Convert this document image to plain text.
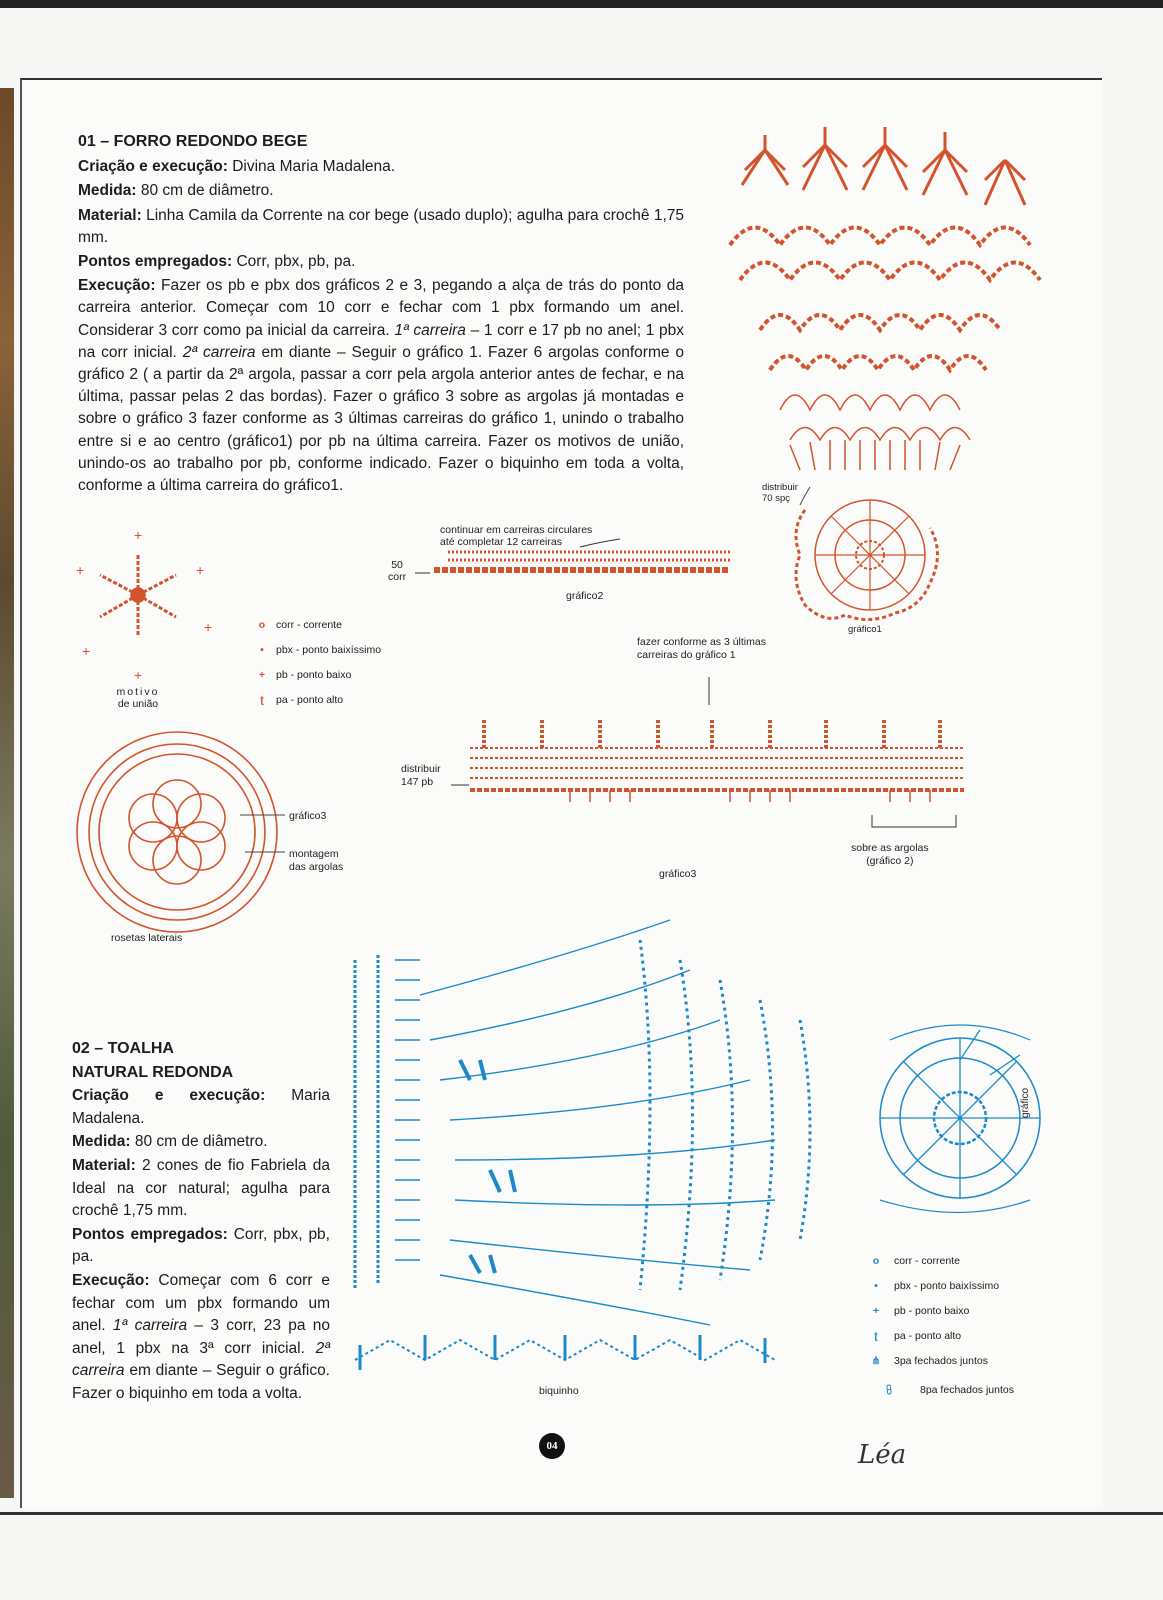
01 – FORRO REDONDO BEGE

Criação e execução: Divina Maria Madalena.

Medida: 80 cm de diâmetro.

Material: Linha Camila da Corrente na cor bege (usado duplo); agulha para crochê 1,75 mm.

Pontos empregados: Corr, pbx, pb, pa.

Execução: Fazer os pb e pbx dos gráficos 2 e 3, pegando a alça de trás do ponto da carreira anterior. Começar com 10 corr e fechar com 1 pbx formando um anel. Considerar 3 corr como pa inicial da carreira. 1ª carreira – 1 corr e 17 pb no anel; 1 pbx na corr inicial. 2ª carreira em diante – Seguir o gráfico 1. Fazer 6 argolas conforme o gráfico 2 ( a partir da 2ª argola, passar a corr pela argola anterior antes de fechar, e na última, passar pelas 2 das bordas). Fazer o gráfico 3 sobre as argolas já montadas e sobre o gráfico 3 fazer conforme as 3 últimas carreiras do gráfico 1, unindo o trabalho entre si e ao centro (gráfico1) por pb na última carreira. Fazer os motivos de união, unindo-os ao trabalho por pb, conforme indicado. Fazer o biquinho em toda a volta, conforme a última carreira do gráfico1.

02 – TOALHA

NATURAL REDONDA

Criação e execução: Maria Madalena.

Medida: 80 cm de diâmetro.

Material: 2 cones de fio Fabriela da Ideal na cor natural; agulha para crochê 1,75 mm.

Pontos empregados: Corr, pbx, pb, pa.

Execução: Começar com 6 corr e fechar com um pbx formando um anel. 1ª carreira – 3 corr, 23 pa no anel, 1 pbx na 3ª corr inicial. 2ª carreira em diante – Seguir o gráfico. Fazer o biquinho em toda a volta.

+
+
+	+
+
+	o corr - corrente
•	pbx - ponto baixíssimo
+ pb - ponto baixo
ʈ	pa - ponto alto
motivo
de união
continuar em carreiras circulares
até completar 12 carreiras
50
corr
gráfico2
gráfico1
distribuir
70 spç
fazer conforme as 3 últimas
carreiras do gráfico 1
distribuir
147 pb
sobre as argolas
(gráfico 2)
gráfico3
gráfico3
montagem
das argolas
rosetas laterais
gráfico
biquinho
o	corr - corrente
•	pbx - ponto baixíssimo
+	pb - ponto baixo
ʈ	pa - ponto alto
⋔	3pa fechados juntos
⩉	8pa fechados juntos
04	Léa
